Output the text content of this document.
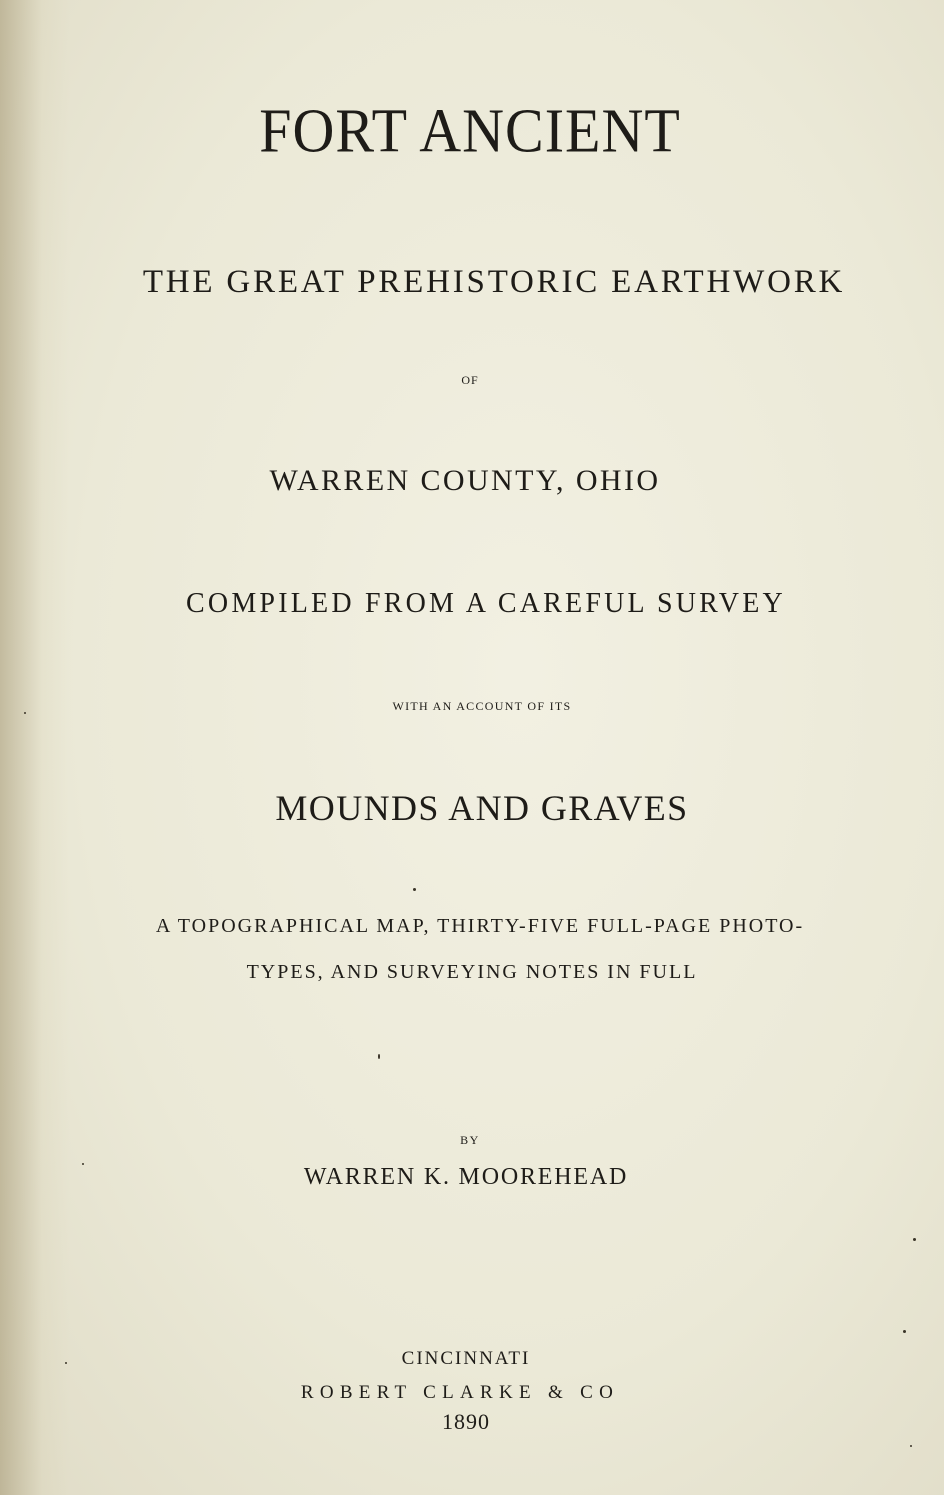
FORT ANCIENT
THE GREAT PREHISTORIC EARTHWORK
OF
WARREN COUNTY, OHIO
COMPILED FROM A CAREFUL SURVEY
WITH AN ACCOUNT OF ITS
MOUNDS AND GRAVES
A TOPOGRAPHICAL MAP, THIRTY-FIVE FULL-PAGE PHOTO-
TYPES, AND SURVEYING NOTES IN FULL
BY
WARREN K. MOOREHEAD
CINCINNATI
ROBERT CLARKE & CO
1890
